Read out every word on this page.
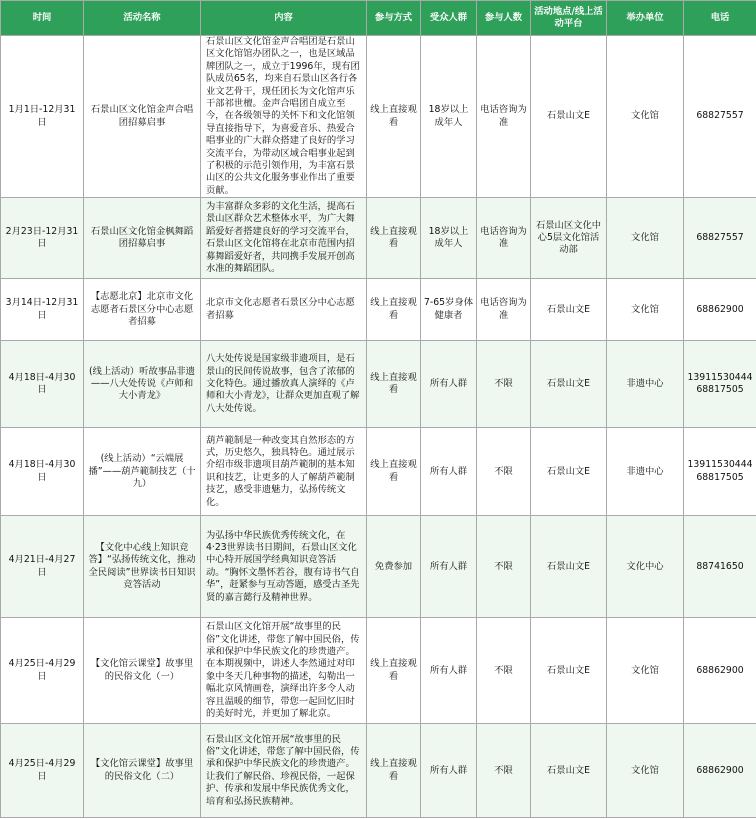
时间	活动名称	内容	参与方式	受众人群	参与人数	活动地点/线上活动平台	举办单位	电话
1月1日-12月31日	石景山区文化馆金声合唱团招募启事	石景山区文化馆金声合唱团是石景山区文化馆馆办团队之一，也是区域品牌团队之一，成立于1996年，现有团队成员65名，均来自石景山区各行各业文艺骨干，现任团长为文化馆声乐干部祁世檀。金声合唱团自成立至今，在各级领导的关怀下和文化馆领导直接指导下，为喜爱音乐、热爱合唱事业的广大群众搭建了良好的学习交流平台，为带动区域合唱事业起到了积极的示范引领作用，为丰富石景山区的公共文化服务事业作出了重要贡献。	线上直接观看	18岁以上成年人	电话咨询为准	石景山文E	文化馆	68827557
2月23日-12月31日	石景山区文化馆金枫舞蹈团招募启事	为丰富群众多彩的文化生活，提高石景山区群众艺术整体水平，为广大舞蹈爱好者搭建良好的学习交流平台，石景山区文化馆将在北京市范围内招募舞蹈爱好者，共同携手发展开创高水准的舞蹈团队。	线上直接观看	18岁以上成年人	电话咨询为准	石景山区文化中心5层文化馆活动部	文化馆	68827557
3月14日-12月31日	【志愿北京】北京市文化志愿者石景区分中心志愿者招募	北京市文化志愿者石景区分中心志愿者招募	线上直接观看	7-65岁身体健康者	电话咨询为准	石景山文E	文化馆	68862900
4月18日-4月30日	(线上活动）听故事品非遗——八大处传说《卢师和大小青龙》	八大处传说是国家级非遗项目，是石景山的民间传说故事，包含了浓郁的文化特色。通过播放真人演绎的《卢师和大小青龙》，让群众更加直观了解八大处传说。	线上直接观看	所有人群	不限	石景山文E	非遗中心	13911530444
68817505
4月18日-4月30日	(线上活动）“云端展播”——葫芦範制技艺（十九）	葫芦範制是一种改变其自然形态的方式，历史悠久，独具特色。通过展示介绍市级非遗项目葫芦範制的基本知识和技艺，让更多的人了解葫芦範制技艺，感受非遗魅力，弘扬传统文化。	线上直接观看	所有人群	不限	石景山文E	非遗中心	13911530444
68817505
4月21日-4月27日	【文化中心线上知识竞答】“弘扬传统文化，推动全民阅读”世界读书日知识竞答活动	为弘扬中华民族优秀传统文化，在4·23世界读书日期间，石景山区文化中心特开展国学经典知识竞答活动。“胸怀文墨怀若谷，腹有诗书气自华”，赶紧参与互动答题，感受古圣先贤的嘉言懿行及精神世界。	免费参加	所有人群	不限	石景山文E	文化中心	88741650
4月25日-4月29日	【文化馆云课堂】故事里的民俗文化（一）	石景山区文化馆开展“故事里的民俗”文化讲述，带您了解中国民俗，传承和保护中华民族文化的珍贵遗产。在本期视频中，讲述人李然通过对印象中冬天几种事物的描述，勾勒出一幅北京风情画卷，演绎出许多令人动容且温暖的细节，带您一起回忆旧时的美好时光，并更加了解北京。	线上直接观看	所有人群	不限	石景山文E	文化馆	68862900
4月25日-4月29日	【文化馆云课堂】故事里的民俗文化（二）	石景山区文化馆开展“故事里的民俗”文化讲述，带您了解中国民俗，传承和保护中华民族文化的珍贵遗产。让我们了解民俗、珍视民俗，一起保护、传承和发展中华民族优秀文化，培育和弘扬民族精神。	线上直接观看	所有人群	不限	石景山文E	文化馆	68862900
